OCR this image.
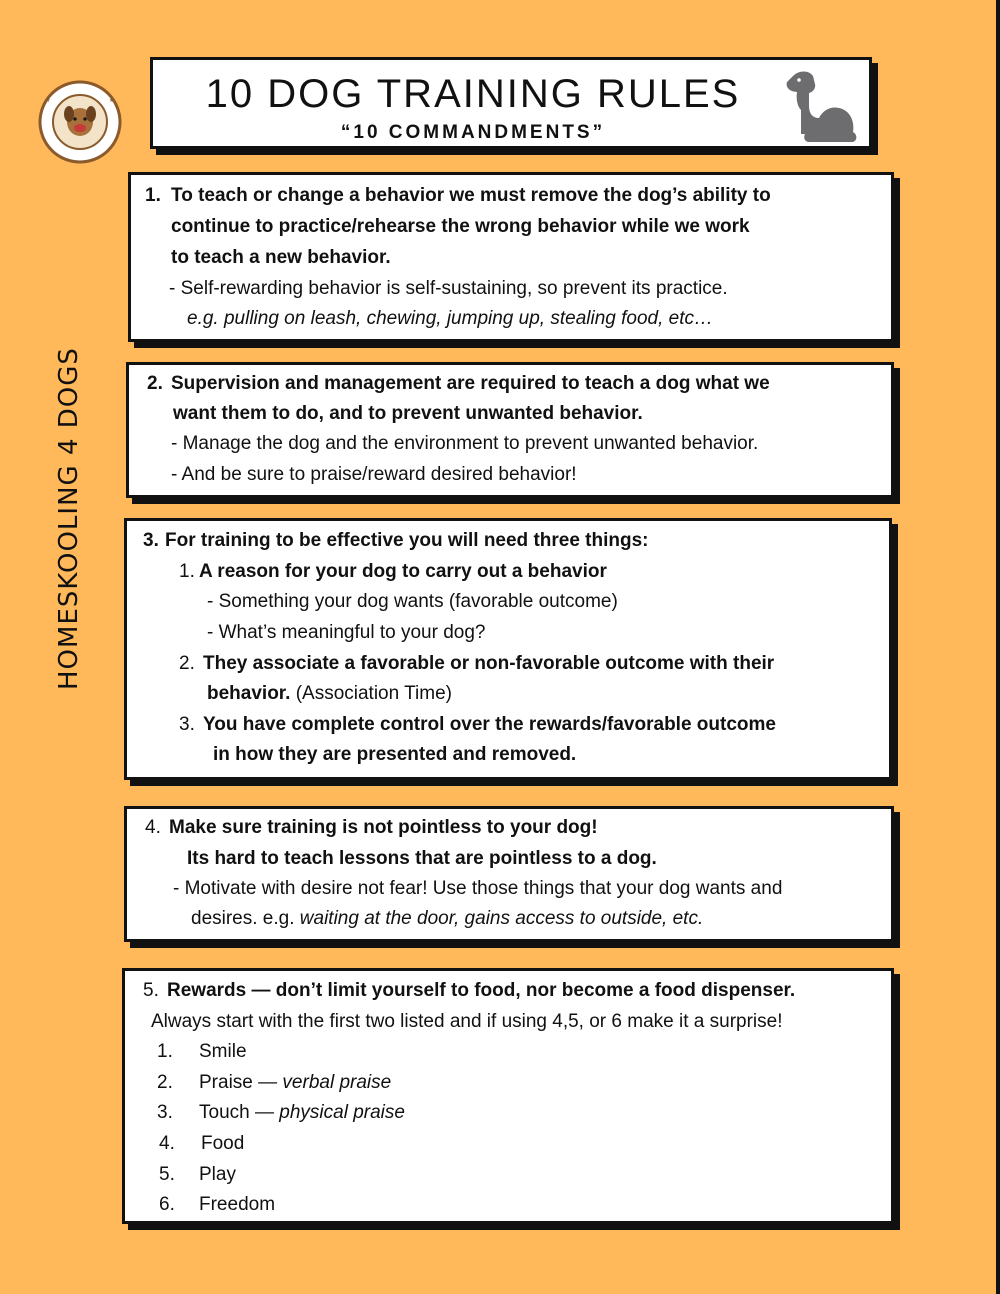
★	★
HOMESKOOLING 4 DOGS
10 DOG TRAINING RULES
“10 COMMANDMENTS”
1. To teach or change a behavior we must remove the dog’s ability to
continue to practice/rehearse the wrong behavior while we work
to teach a new behavior.
- Self-rewarding behavior is self-sustaining, so prevent its practice.
e.g. pulling on leash, chewing, jumping up, stealing food, etc…
2. Supervision and management are required to teach a dog what we
want them to do, and to prevent unwanted behavior.
- Manage the dog and the environment to prevent unwanted behavior.
- And be sure to praise/reward desired behavior!
3. For training to be effective you will need three things:
1. A reason for your dog to carry out a behavior
- Something your dog wants (favorable outcome)
- What’s meaningful to your dog?
2. They associate a favorable or non-favorable outcome with their
behavior. (Association Time)
3. You have complete control over the rewards/favorable outcome
in how they are presented and removed.
4. Make sure training is not pointless to your dog!
Its hard to teach lessons that are pointless to a dog.
- Motivate with desire not fear! Use those things that your dog wants and
desires. e.g. waiting at the door, gains access to outside, etc.
5. Rewards — don’t limit yourself to food, nor become a food dispenser.
Always start with the first two listed and if using 4,5, or 6 make it a surprise!
1. Smile
2. Praise — verbal praise
3. Touch — physical praise
4. Food
5. Play
6. Freedom
